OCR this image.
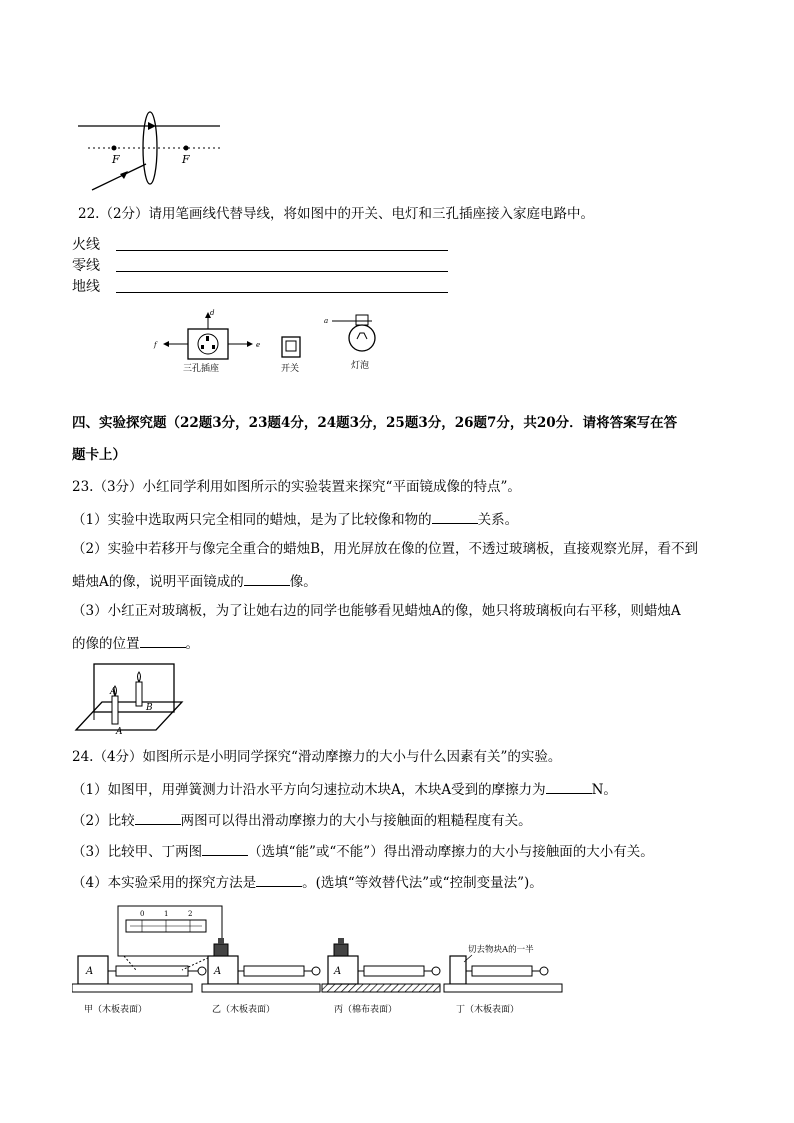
F	F
22.（2分）请用笔画线代替导线，将如图中的开关、电灯和三孔插座接入家庭电路中。
火线
零线
地线
d
e
f
三孔插座	开关
a
灯泡
四、实验探究题（22题3分，23题4分，24题3分，25题3分，26题7分，共20分．请将答案写在答
题卡上）
23.（3分）小红同学利用如图所示的实验装置来探究“平面镜成像的特点”。
（1）实验中选取两只完全相同的蜡烛，是为了比较像和物的	关系。
（2）实验中若移开与像完全重合的蜡烛B，用光屏放在像的位置，不透过玻璃板，直接观察光屏，看不到
蜡烛A的像，说明平面镜成的	像。
（3）小红正对玻璃板，为了让她右边的同学也能够看见蜡烛A的像，她只将玻璃板向右平移，则蜡烛A
的像的位置	。
A
B
A
24.（4分）如图所示是小明同学探究“滑动摩擦力的大小与什么因素有关”的实验。
（1）如图甲，用弹簧测力计沿水平方向匀速拉动木块A，木块A受到的摩擦力为	N。
（2）比较	两图可以得出滑动摩擦力的大小与接触面的粗糙程度有关。
（3）比较甲、丁两图	（选填“能”或“不能”）得出滑动摩擦力的大小与接触面的大小有关。
（4）本实验采用的探究方法是	。(选填“等效替代法”或“控制变量法”)。
0	1	2
A
甲（木板表面）
A
乙（木板表面）
A
丙（棉布表面）
切去物块A的一半
丁（木板表面）
